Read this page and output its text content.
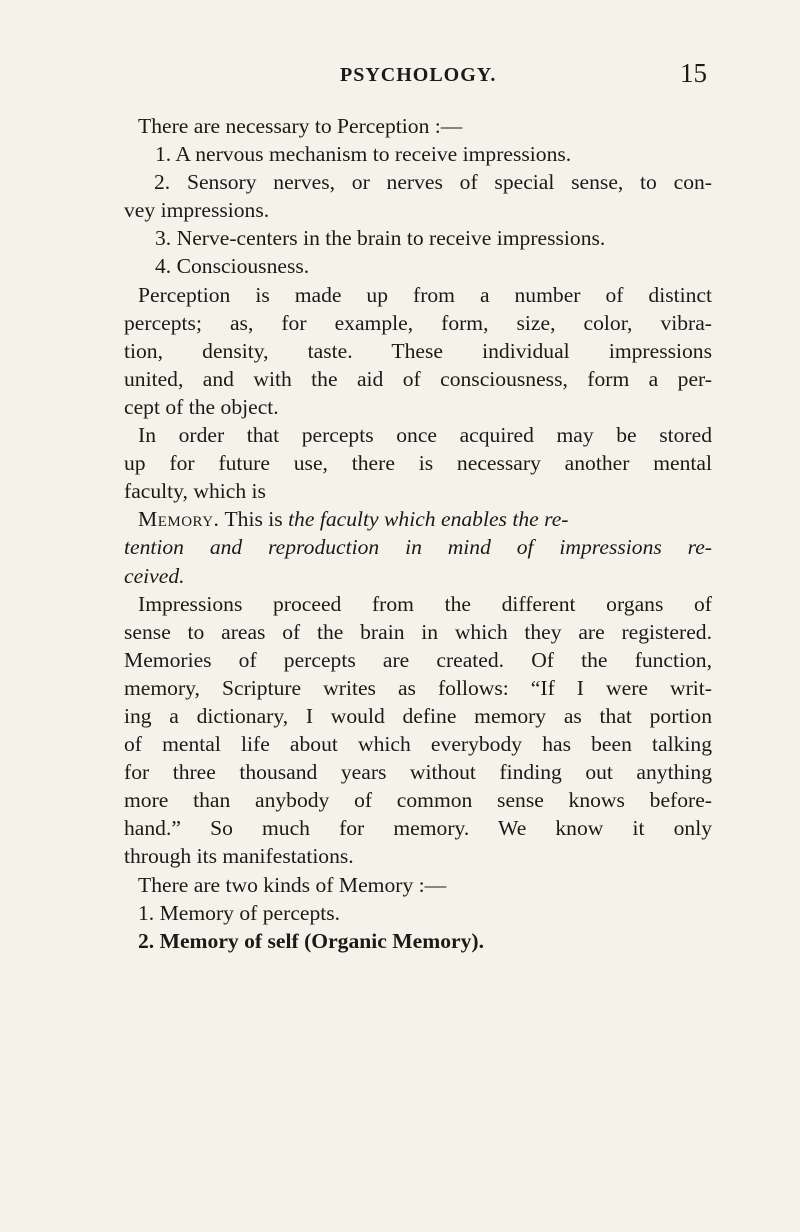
PSYCHOLOGY.	15
There are necessary to Perception :—
1. A nervous mechanism to receive impressions.
2. Sensory nerves, or nerves of special sense, to con-
vey impressions.
3. Nerve-centers in the brain to receive impressions.
4. Consciousness.
Perception is made up from a number of distinct
percepts; as, for example, form, size, color, vibra-
tion, density, taste. These individual impressions
united, and with the aid of consciousness, form a per-
cept of the object.
In order that percepts once acquired may be stored
up for future use, there is necessary another mental
faculty, which is
Memory. This is the faculty which enables the re-
tention and reproduction in mind of impressions re-
ceived.
Impressions proceed from the different organs of
sense to areas of the brain in which they are registered.
Memories of percepts are created. Of the function,
memory, Scripture writes as follows: “If I were writ-
ing a dictionary, I would define memory as that portion
of mental life about which everybody has been talking
for three thousand years without finding out anything
more than anybody of common sense knows before-
hand.” So much for memory. We know it only
through its manifestations.
There are two kinds of Memory :—
1. Memory of percepts.
2. Memory of self (Organic Memory).
